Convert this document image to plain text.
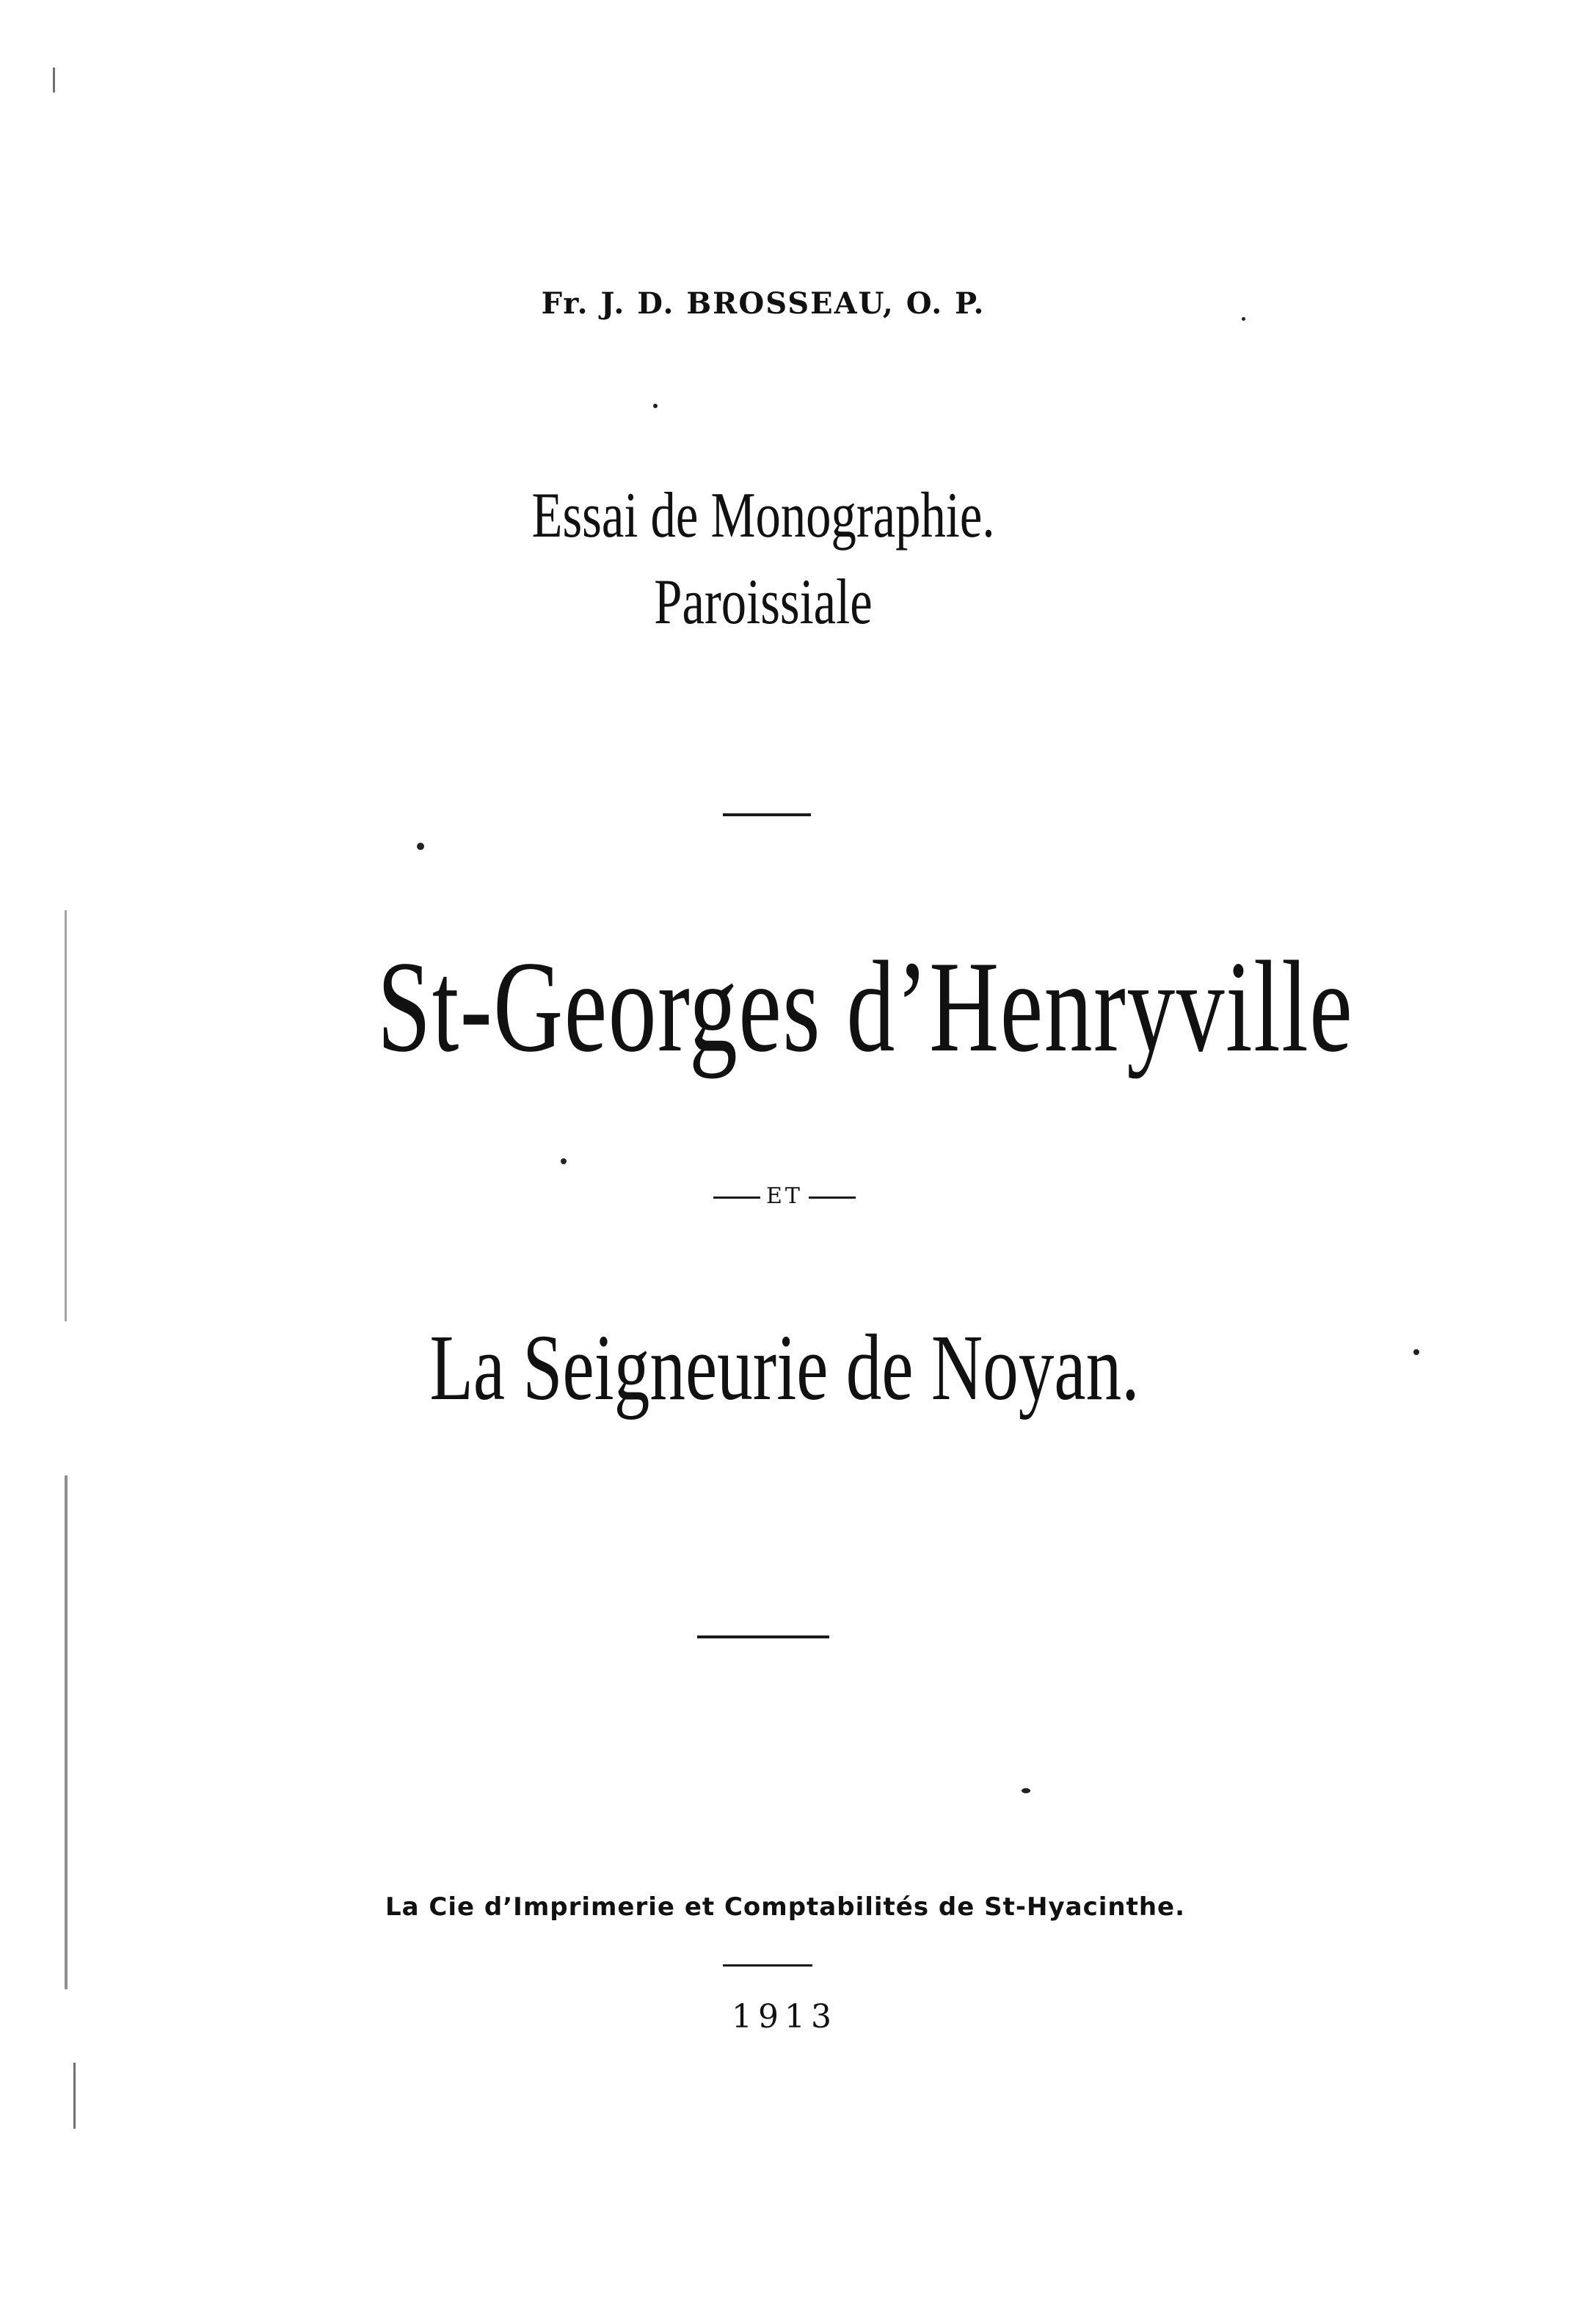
Fr. J. D. BROSSEAU, O. P.
Essai de Monographie.
Paroissiale
St-Georges d’Henryville
ET
La Seigneurie de Noyan.
La Cie d’Imprimerie et Comptabilités de St-Hyacinthe.
1913
